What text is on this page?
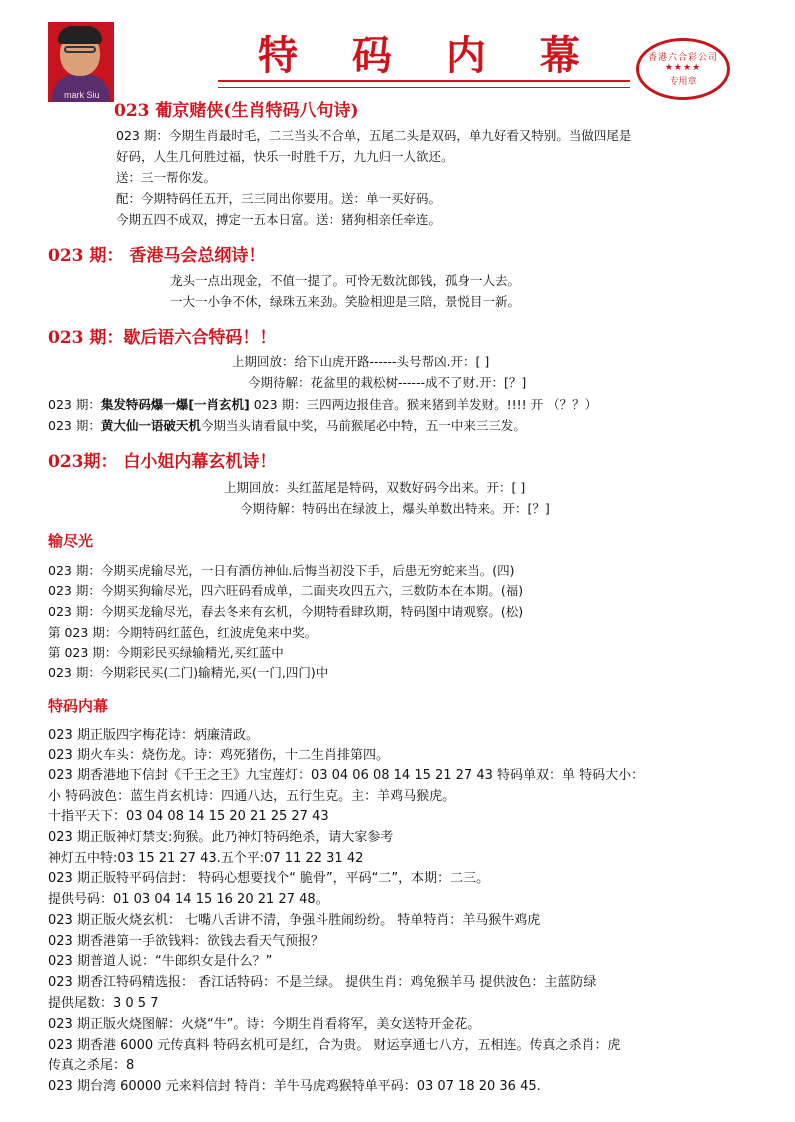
mark Siu
特 码 内 幕	香港六合彩公司
★★★★
专用章
023 葡京赌侠(生肖特码八句诗)
023 期：今期生肖最时毛，二三当头不合单，五尾二头是双码，单九好看又特别。当做四尾是
好码，人生几何胜过福，快乐一时胜千万，九九归一人欲还。
送：三一帮你发。
配：今期特码任五开，三三同出你要用。送：单一买好码。
今期五四不成双，搏定一五本日富。送：猪狗相亲任牵连。
023 期： 香港马会总纲诗！
龙头一点出现金，不值一提了。可怜无数沈郎钱，孤身一人去。
一大一小争不休，绿珠五来劲。笑脸相迎是三陪，景悦目一新。
023 期：歇后语六合特码！！
上期回放：给下山虎开路------头号帮凶.开：[ ]
今期待解：花盆里的栽松树------成不了财.开：[？]
023 期：集发特码爆一爆[一肖玄机] 023 期：三四两边报佳音。猴来猪到羊发财。!!!! 开 （？？）
023 期：黄大仙一语破天机今期当头请看鼠中奖，马前猴尾必中特，五一中来三三发。
023期： 白小姐内幕玄机诗！
上期回放：头红蓝尾是特码，双数好码今出来。开：[ ]
今期待解：特码出在绿波上，爆头单数出特来。开：[？]
输尽光
023 期：今期买虎输尽光，一日有酒仿神仙.后悔当初没下手，后患无穷蛇来当。(四)
023 期：今期买狗输尽光，四六旺码看成单，二面夹攻四五六，三数防本在本期。(福)
023 期：今期买龙输尽光，春去冬来有玄机，今期特看肆玖期，特码图中请观察。(松)
第 023 期：今期特码红蓝色，红波虎兔来中奖。
第 023 期：今期彩民买绿输精光,买红蓝中
023 期：今期彩民买(二门)输精光,买(一门,四门)中
特码内幕
023 期正版四字梅花诗：炳廉清政。
023 期火车头：烧伤龙。诗：鸡死猪伤，十二生肖排第四。
023 期香港地下信封《千王之王》九宝莲灯：03 04 06 08 14 15 21 27 43 特码单双：单 特码大小：
小 特码波色：蓝生肖玄机诗：四通八达，五行生克。主：羊鸡马猴虎。
十指平天下：03 04 08 14 15 20 21 25 27 43
023 期正版神灯禁支:狗猴。此乃神灯特码绝杀，请大家参考
神灯五中特:03 15 21 27 43.五个平:07 11 22 31 42
023 期正版特平码信封： 特码心想要找个“ 脆骨”，平码“二”，本期：二三。
提供号码：01 03 04 14 15 16 20 21 27 48。
023 期正版火烧玄机： 七嘴八舌讲不清，争强斗胜闹纷纷。 特单特肖：羊马猴牛鸡虎
023 期香港第一手欲钱料：欲钱去看天气预报？
023 期普道人说：“牛郎织女是什么？”
023 期香江特码精选报： 香江话特码：不是兰绿。 提供生肖：鸡兔猴羊马 提供波色：主蓝防绿
提供尾数：3 0 5 7
023 期正版火烧图解：火烧“牛”。诗：今期生肖看将军，美女送特开金花。
023 期香港 6000 元传真料 特码玄机可是红，合为贵。 财运享通七八方，五相连。传真之杀肖：虎
传真之杀尾：8
023 期台湾 60000 元来料信封 特肖：羊牛马虎鸡猴特单平码：03 07 18 20 36 45.
